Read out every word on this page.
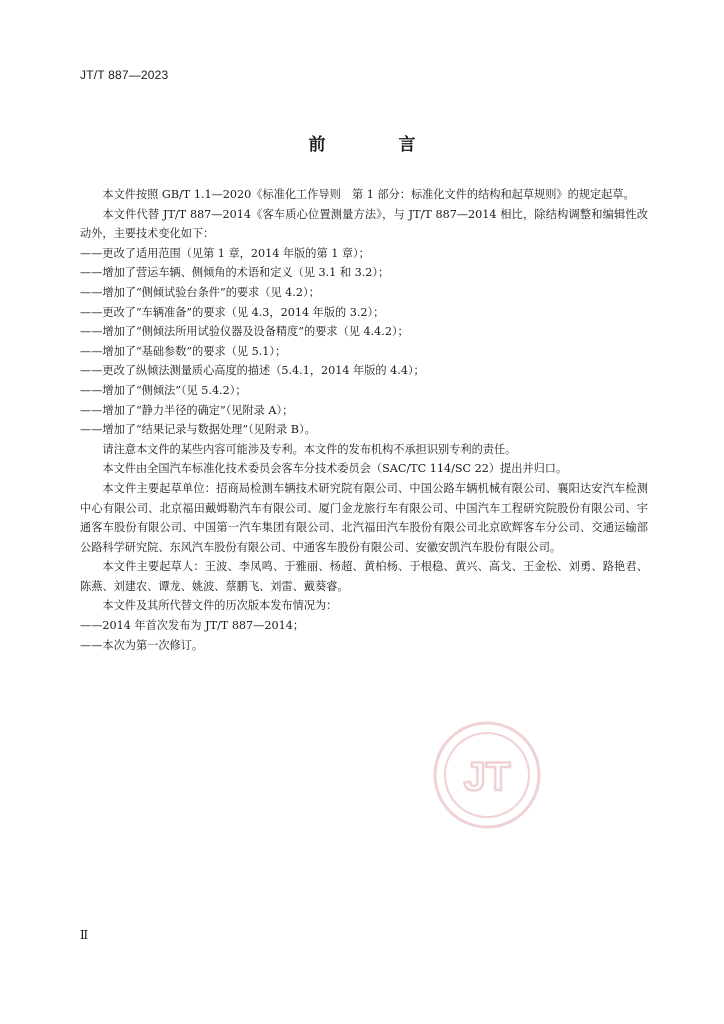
JT/T 887—2023
前　言

本文件按照 GB/T 1.1—2020《标准化工作导则　第 1 部分：标准化文件的结构和起草规则》的规定起草。

本文件代替 JT/T 887—2014《客车质心位置测量方法》，与 JT/T 887—2014 相比，除结构调整和编辑性改动外，主要技术变化如下：

——更改了适用范围（见第 1 章，2014 年版的第 1 章）；

——增加了营运车辆、侧倾角的术语和定义（见 3.1 和 3.2）；

——增加了“侧倾试验台条件”的要求（见 4.2）；

——更改了“车辆准备”的要求（见 4.3，2014 年版的 3.2）；

——增加了“侧倾法所用试验仪器及设备精度”的要求（见 4.4.2）；

——增加了“基础参数”的要求（见 5.1）；

——更改了纵倾法测量质心高度的描述（5.4.1，2014 年版的 4.4）；

——增加了“侧倾法”（见 5.4.2）；

——增加了“静力半径的确定”（见附录 A）；

——增加了“结果记录与数据处理”（见附录 B）。

请注意本文件的某些内容可能涉及专利。本文件的发布机构不承担识别专利的责任。

本文件由全国汽车标准化技术委员会客车分技术委员会（SAC/TC 114/SC 22）提出并归口。

本文件主要起草单位：招商局检测车辆技术研究院有限公司、中国公路车辆机械有限公司、襄阳达安汽车检测中心有限公司、北京福田戴姆勒汽车有限公司、厦门金龙旅行车有限公司、中国汽车工程研究院股份有限公司、宇通客车股份有限公司、中国第一汽车集团有限公司、北汽福田汽车股份有限公司北京欧辉客车分公司、交通运输部公路科学研究院、东风汽车股份有限公司、中通客车股份有限公司、安徽安凯汽车股份有限公司。

本文件主要起草人：王波、李凤鸣、于雅丽、杨超、黄柏杨、于根稳、黄兴、高戈、王金松、刘勇、路艳君、陈燕、刘建农、谭龙、姚波、蔡鹏飞、刘雷、戴葵睿。

本文件及其所代替文件的历次版本发布情况为：

——2014 年首次发布为 JT/T 887—2014；

——本次为第一次修订。

JT
Ⅱ
